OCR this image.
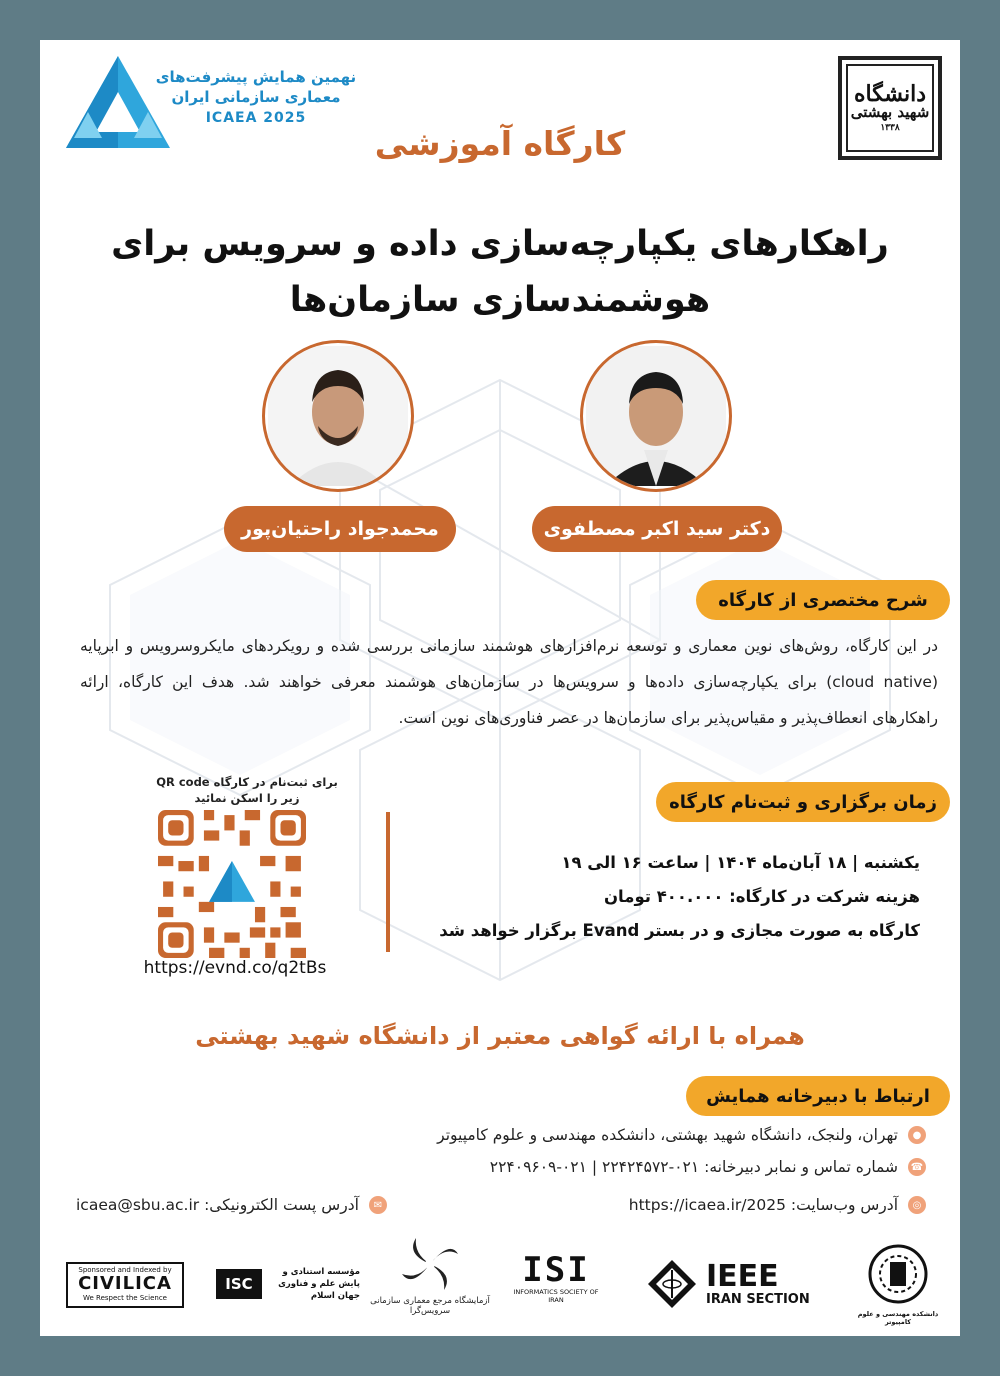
دانشگاه
شهید بهشتی
۱۳۳۸
نهمین همایش پیشرفت‌های
معماری سازمانی ایران
ICAEA 2025
کارگاه آموزشی
راهکارهای یکپارچه‌سازی داده و سرویس برای
هوشمندسازی سازمان‌ها
دکتر سید اکبر مصطفوی
محمدجواد راحتیان‌پور
شرح مختصری از کارگاه
در این کارگاه، روش‌های نوین معماری و توسعه نرم‌افزارهای هوشمند سازمانی بررسی شده و رویکردهای مایکروسرویس و ابرپایه (cloud native) برای یکپارچه‌سازی داده‌ها و سرویس‌ها در سازمان‌های هوشمند معرفی خواهند شد. هدف این کارگاه، ارائه راهکارهای انعطاف‌پذیر و مقیاس‌پذیر برای سازمان‌ها در عصر فناوری‌های نوین است.
برای ثبت‌نام در کارگاه QR code
زیر را اسکن نمائید
https://evnd.co/q2tBs
زمان برگزاری و ثبت‌نام کارگاه
یکشنبه | ۱۸ آبان‌ماه ۱۴۰۴ | ساعت ۱۶ الی ۱۹
هزینه شرکت در کارگاه: ۴۰۰.۰۰۰ تومان
کارگاه به صورت مجازی و در بستر Evand برگزار خواهد شد
همراه با ارائه گواهی معتبر از دانشگاه شهید بهشتی
ارتباط با دبیرخانه همایش
●
تهران، ولنجک، دانشگاه شهید بهشتی، دانشکده مهندسی و علوم کامپیوتر
☎
شماره تماس و نمابر دبیرخانه: ۰۲۱-۲۲۴۲۴۵۷۲ | ۰۲۱-۲۲۴۰۹۶۰۹
◎
آدرس وب‌سایت: https://icaea.ir/2025
✉
آدرس پست الکترونیکی: icaea@sbu.ac.ir
Sponsored and Indexed by
CIVILICA
We Respect the Science
مؤسسه استنادی و پایش علم و فناوری جهان اسلام
ISC
آزمایشگاه مرجع معماری سازمانی سرویس‌گرا
ISI
INFORMATICS SOCIETY OF IRAN
IEEE
IRAN SECTION
دانشکده مهندسی و علوم کامپیوتر
